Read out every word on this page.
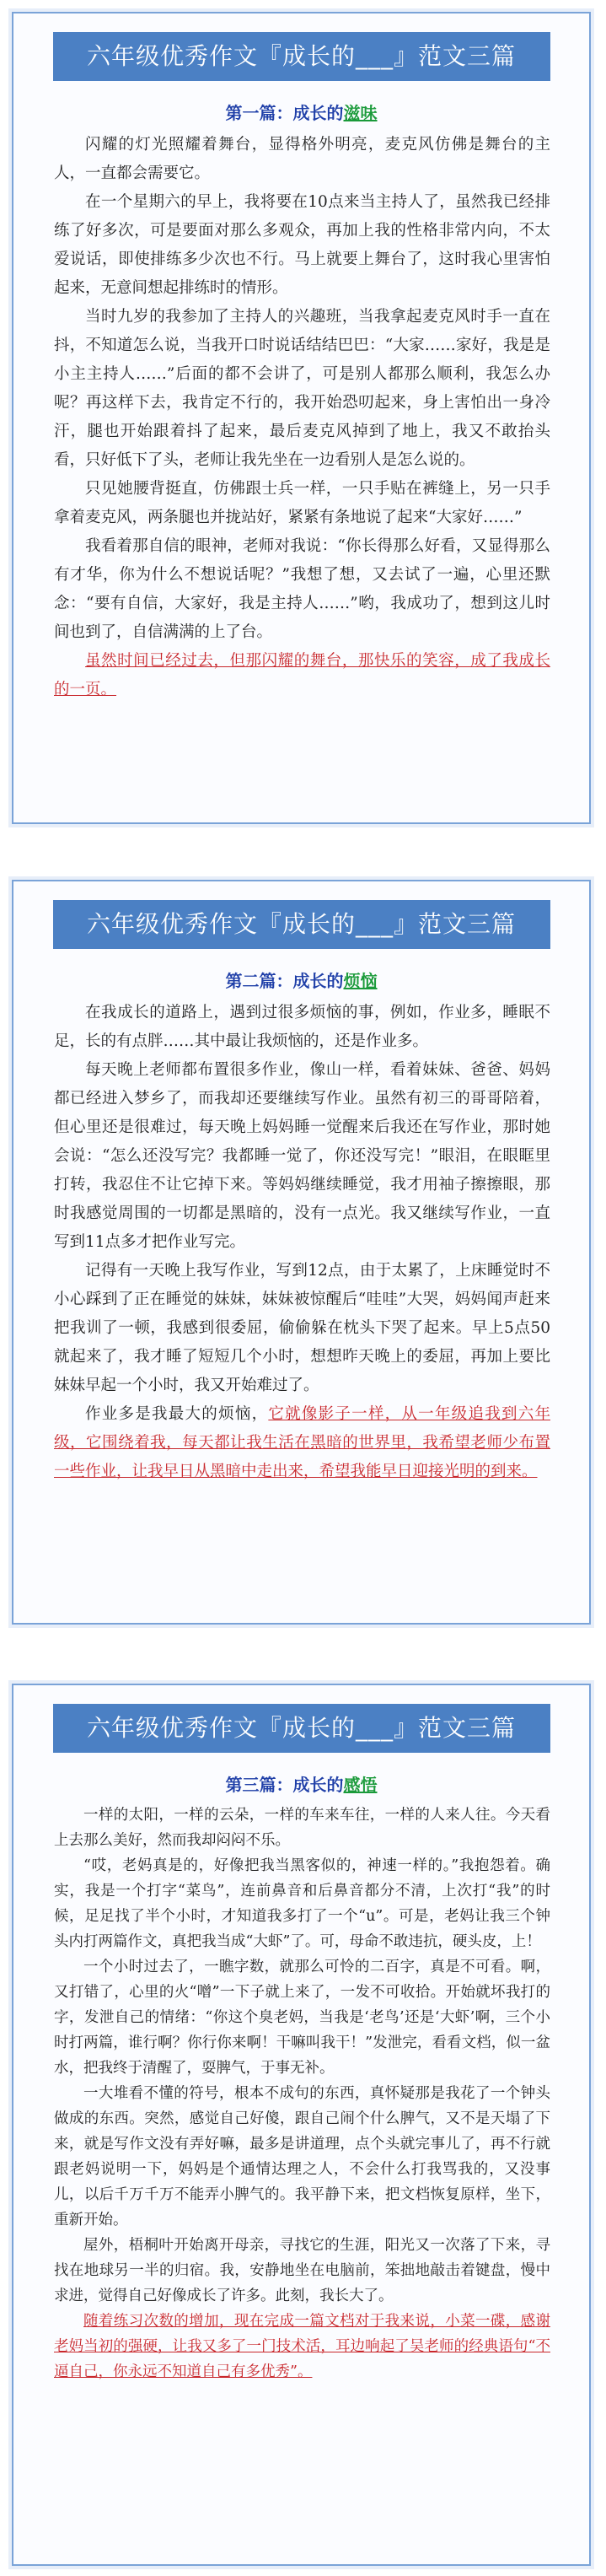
六年级优秀作文『成长的___』范文三篇
第一篇：成长的滋味

闪耀的灯光照耀着舞台，显得格外明亮，麦克风仿佛是舞台的主人，一直都会需要它。

在一个星期六的早上，我将要在10点来当主持人了，虽然我已经排练了好多次，可是要面对那么多观众，再加上我的性格非常内向，不太爱说话，即使排练多少次也不行。马上就要上舞台了，这时我心里害怕起来，无意间想起排练时的情形。

当时九岁的我参加了主持人的兴趣班，当我拿起麦克风时手一直在抖，不知道怎么说，当我开口时说话结结巴巴：“大家……家好，我是是小主主持人……”后面的都不会讲了，可是别人都那么顺利，我怎么办呢？再这样下去，我肯定不行的，我开始恐叨起来，身上害怕出一身冷汗，腿也开始跟着抖了起来，最后麦克风掉到了地上，我又不敢抬头看，只好低下了头，老师让我先坐在一边看别人是怎么说的。

只见她腰背挺直，仿佛跟士兵一样，一只手贴在裤缝上，另一只手拿着麦克风，两条腿也并拢站好，紧紧有条地说了起来“大家好……”

我看着那自信的眼神，老师对我说：“你长得那么好看，又显得那么有才华，你为什么不想说话呢？”我想了想，又去试了一遍，心里还默念：“要有自信，大家好，我是主持人……”哟，我成功了，想到这儿时间也到了，自信满满的上了台。

虽然时间已经过去，但那闪耀的舞台，那快乐的笑容，成了我成长的一页。

六年级优秀作文『成长的___』范文三篇
第二篇：成长的烦恼

在我成长的道路上，遇到过很多烦恼的事，例如，作业多，睡眠不足，长的有点胖……其中最让我烦恼的，还是作业多。

每天晚上老师都布置很多作业，像山一样，看着妹妹、爸爸、妈妈都已经进入梦乡了，而我却还要继续写作业。虽然有初三的哥哥陪着，但心里还是很难过，每天晚上妈妈睡一觉醒来后我还在写作业，那时她会说：“怎么还没写完？我都睡一觉了，你还没写完！”眼泪，在眼眶里打转，我忍住不让它掉下来。等妈妈继续睡觉，我才用袖子擦擦眼，那时我感觉周围的一切都是黑暗的，没有一点光。我又继续写作业，一直写到11点多才把作业写完。

记得有一天晚上我写作业，写到12点，由于太累了，上床睡觉时不小心踩到了正在睡觉的妹妹，妹妹被惊醒后“哇哇”大哭，妈妈闻声赶来把我训了一顿，我感到很委屈，偷偷躲在枕头下哭了起来。早上5点50就起来了，我才睡了短短几个小时，想想昨天晚上的委屈，再加上要比妹妹早起一个小时，我又开始难过了。

作业多是我最大的烦恼，它就像影子一样，从一年级追我到六年级，它围绕着我，每天都让我生活在黑暗的世界里，我希望老师少布置一些作业，让我早日从黑暗中走出来，希望我能早日迎接光明的到来。

六年级优秀作文『成长的___』范文三篇
第三篇：成长的感悟

一样的太阳，一样的云朵，一样的车来车往，一样的人来人往。今天看上去那么美好，然而我却闷闷不乐。

“哎，老妈真是的，好像把我当黑客似的，神速一样的。”我抱怨着。确实，我是一个打字“菜鸟”，连前鼻音和后鼻音都分不清，上次打“我”的时候，足足找了半个小时，才知道我多打了一个“u”。可是，老妈让我三个钟头内打两篇作文，真把我当成“大虾”了。可，母命不敢违抗，硬头皮，上！

一个小时过去了，一瞧字数，就那么可怜的二百字，真是不可看。啊，又打错了，心里的火“噌”一下子就上来了，一发不可收拾。开始就坏我打的字，发泄自己的情绪：“你这个臭老妈，当我是‘老鸟’还是‘大虾’啊，三个小时打两篇，谁行啊？你行你来啊！干嘛叫我干！”发泄完，看看文档，似一盆水，把我终于清醒了，耍脾气，于事无补。

一大堆看不懂的符号，根本不成句的东西，真怀疑那是我花了一个钟头做成的东西。突然，感觉自己好傻，跟自己闹个什么脾气，又不是天塌了下来，就是写作文没有弄好嘛，最多是讲道理，点个头就完事儿了，再不行就跟老妈说明一下，妈妈是个通情达理之人，不会什么打我骂我的，又没事儿，以后千万千万不能弄小脾气的。我平静下来，把文档恢复原样，坐下，重新开始。

屋外，梧桐叶开始离开母亲，寻找它的生涯，阳光又一次落了下来，寻找在地球另一半的归宿。我，安静地坐在电脑前，笨拙地敲击着键盘，慢中求进，觉得自己好像成长了许多。此刻，我长大了。

随着练习次数的增加，现在完成一篇文档对于我来说，小菜一碟，感谢老妈当初的强硬，让我又多了一门技术活，耳边响起了吴老师的经典语句“不逼自己，你永远不知道自己有多优秀”。
